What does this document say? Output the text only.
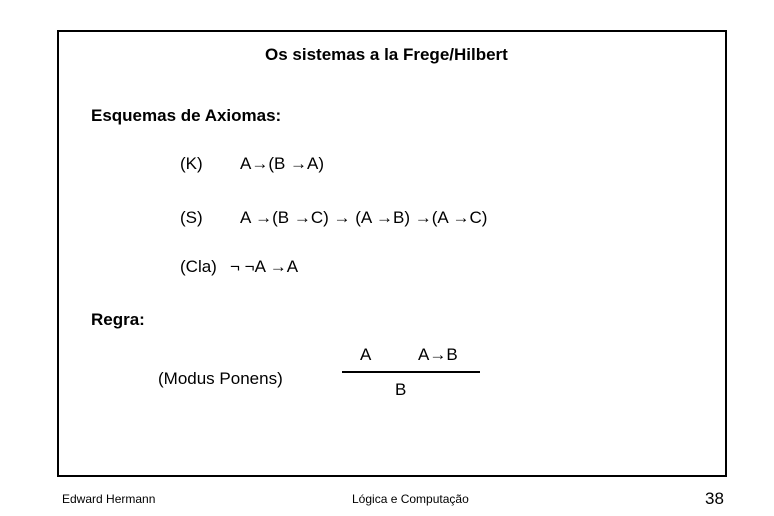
Os sistemas a la Frege/Hilbert
Esquemas de Axiomas:
(K) A→(B →A)
(S) A →(B →C) → (A →B) →(A →C)
(Cla) ¬ ¬A →A
Regra:
(Modus Ponens)
A	A→B
B
Edward Hermann	Lógica e Computação	38
